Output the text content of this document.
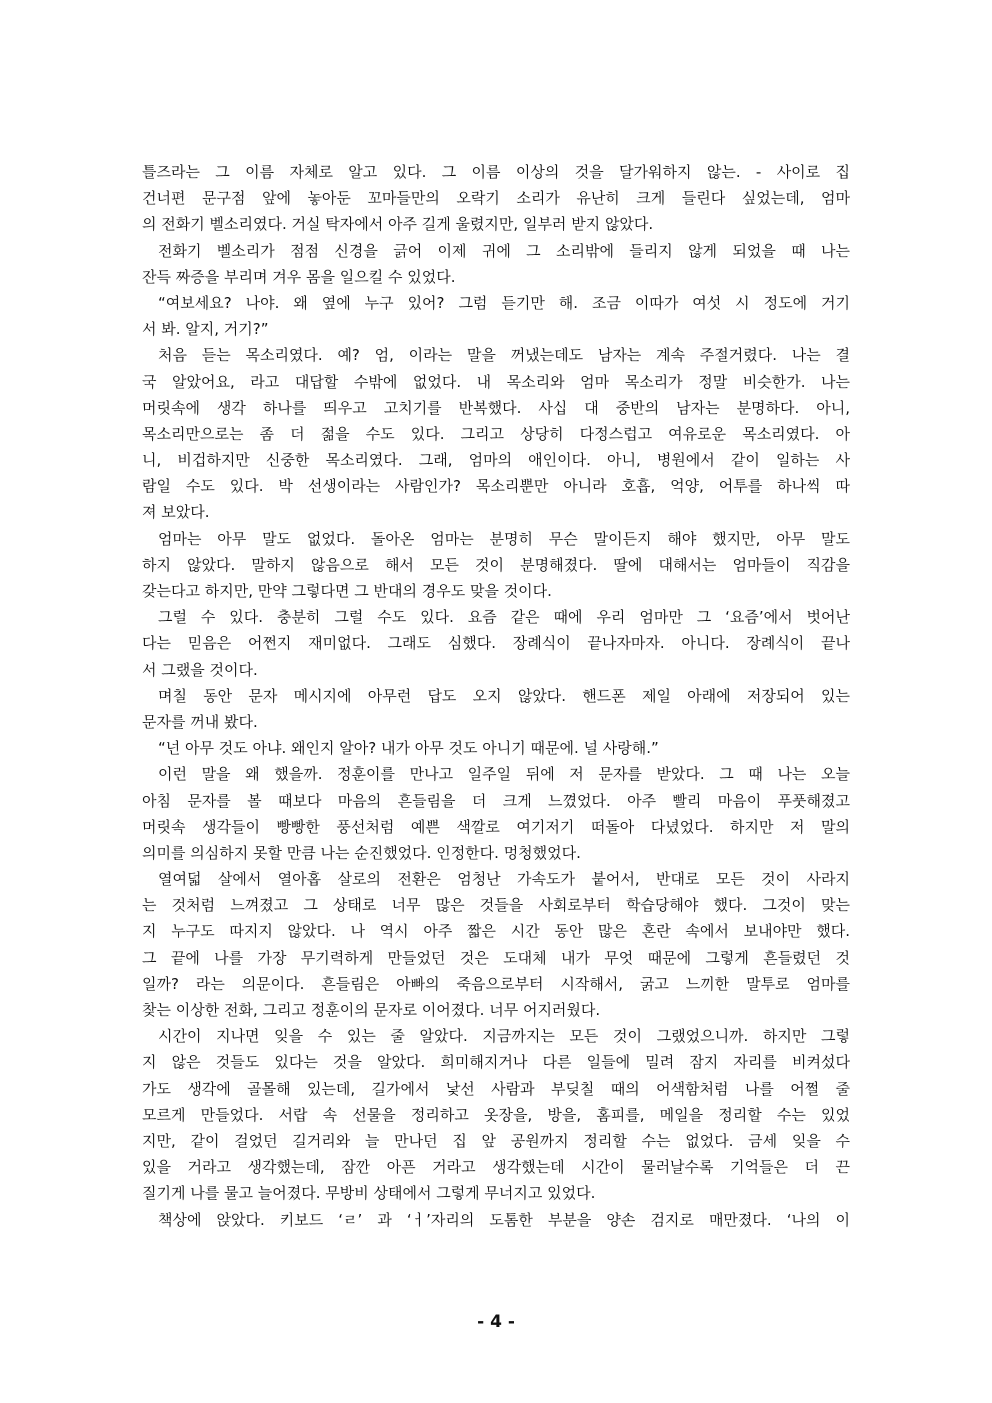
틀즈라는 그 이름 자체로 알고 있다. 그 이름 이상의 것을 달가워하지 않는. - 사이로 집
건너편 문구점 앞에 놓아둔 꼬마들만의 오락기 소리가 유난히 크게 들린다 싶었는데, 엄마
의 전화기 벨소리였다. 거실 탁자에서 아주 길게 울렸지만, 일부러 받지 않았다.
전화기 벨소리가 점점 신경을 긁어 이제 귀에 그 소리밖에 들리지 않게 되었을 때 나는
잔득 짜증을 부리며 겨우 몸을 일으킬 수 있었다.
“여보세요? 나야. 왜 옆에 누구 있어? 그럼 듣기만 해. 조금 이따가 여섯 시 정도에 거기
서 봐. 알지, 거기?”
처음 듣는 목소리였다. 예? 엄, 이라는 말을 꺼냈는데도 남자는 계속 주절거렸다. 나는 결
국 알았어요, 라고 대답할 수밖에 없었다. 내 목소리와 엄마 목소리가 정말 비슷한가. 나는
머릿속에 생각 하나를 띄우고 고치기를 반복했다. 사십 대 중반의 남자는 분명하다. 아니,
목소리만으로는 좀 더 젊을 수도 있다. 그리고 상당히 다정스럽고 여유로운 목소리였다. 아
니, 비겁하지만 신중한 목소리였다. 그래, 엄마의 애인이다. 아니, 병원에서 같이 일하는 사
람일 수도 있다. 박 선생이라는 사람인가? 목소리뿐만 아니라 호흡, 억양, 어투를 하나씩 따
져 보았다.
엄마는 아무 말도 없었다. 돌아온 엄마는 분명히 무슨 말이든지 해야 했지만, 아무 말도
하지 않았다. 말하지 않음으로 해서 모든 것이 분명해졌다. 딸에 대해서는 엄마들이 직감을
갖는다고 하지만, 만약 그렇다면 그 반대의 경우도 맞을 것이다.
그럴 수 있다. 충분히 그럴 수도 있다. 요즘 같은 때에 우리 엄마만 그 ‘요즘’에서 벗어난
다는 믿음은 어쩐지 재미없다. 그래도 심했다. 장례식이 끝나자마자. 아니다. 장례식이 끝나
서 그랬을 것이다.
며칠 동안 문자 메시지에 아무런 답도 오지 않았다. 핸드폰 제일 아래에 저장되어 있는
문자를 꺼내 봤다.
“넌 아무 것도 아냐. 왜인지 알아? 내가 아무 것도 아니기 때문에. 널 사랑해.”
이런 말을 왜 했을까. 정훈이를 만나고 일주일 뒤에 저 문자를 받았다. 그 때 나는 오늘
아침 문자를 볼 때보다 마음의 흔들림을 더 크게 느꼈었다. 아주 빨리 마음이 푸풋해졌고
머릿속 생각들이 빵빵한 풍선처럼 예쁜 색깔로 여기저기 떠돌아 다녔었다. 하지만 저 말의
의미를 의심하지 못할 만큼 나는 순진했었다. 인정한다. 멍청했었다.
열여덟 살에서 열아홉 살로의 전환은 엄청난 가속도가 붙어서, 반대로 모든 것이 사라지
는 것처럼 느껴졌고 그 상태로 너무 많은 것들을 사회로부터 학습당해야 했다. 그것이 맞는
지 누구도 따지지 않았다. 나 역시 아주 짧은 시간 동안 많은 혼란 속에서 보내야만 했다.
그 끝에 나를 가장 무기력하게 만들었던 것은 도대체 내가 무엇 때문에 그렇게 흔들렸던 것
일까? 라는 의문이다. 흔들림은 아빠의 죽음으로부터 시작해서, 굵고 느끼한 말투로 엄마를
찾는 이상한 전화, 그리고 정훈이의 문자로 이어졌다. 너무 어지러웠다.
시간이 지나면 잊을 수 있는 줄 알았다. 지금까지는 모든 것이 그랬었으니까. 하지만 그렇
지 않은 것들도 있다는 것을 알았다. 희미해지거나 다른 일들에 밀려 잠지 자리를 비켜섰다
가도 생각에 골몰해 있는데, 길가에서 낯선 사람과 부딪칠 때의 어색함처럼 나를 어쩔 줄
모르게 만들었다. 서랍 속 선물을 정리하고 옷장을, 방을, 홈피를, 메일을 정리할 수는 있었
지만, 같이 걸었던 길거리와 늘 만나던 집 앞 공원까지 정리할 수는 없었다. 금세 잊을 수
있을 거라고 생각했는데, 잠깐 아픈 거라고 생각했는데 시간이 물러날수록 기억들은 더 끈
질기게 나를 물고 늘어졌다. 무방비 상태에서 그렇게 무너지고 있었다.
책상에 앉았다. 키보드 ‘ㄹ’ 과 ‘ㅓ’자리의 도톰한 부분을 양손 검지로 매만졌다. ‘나의 이
- 4 -
